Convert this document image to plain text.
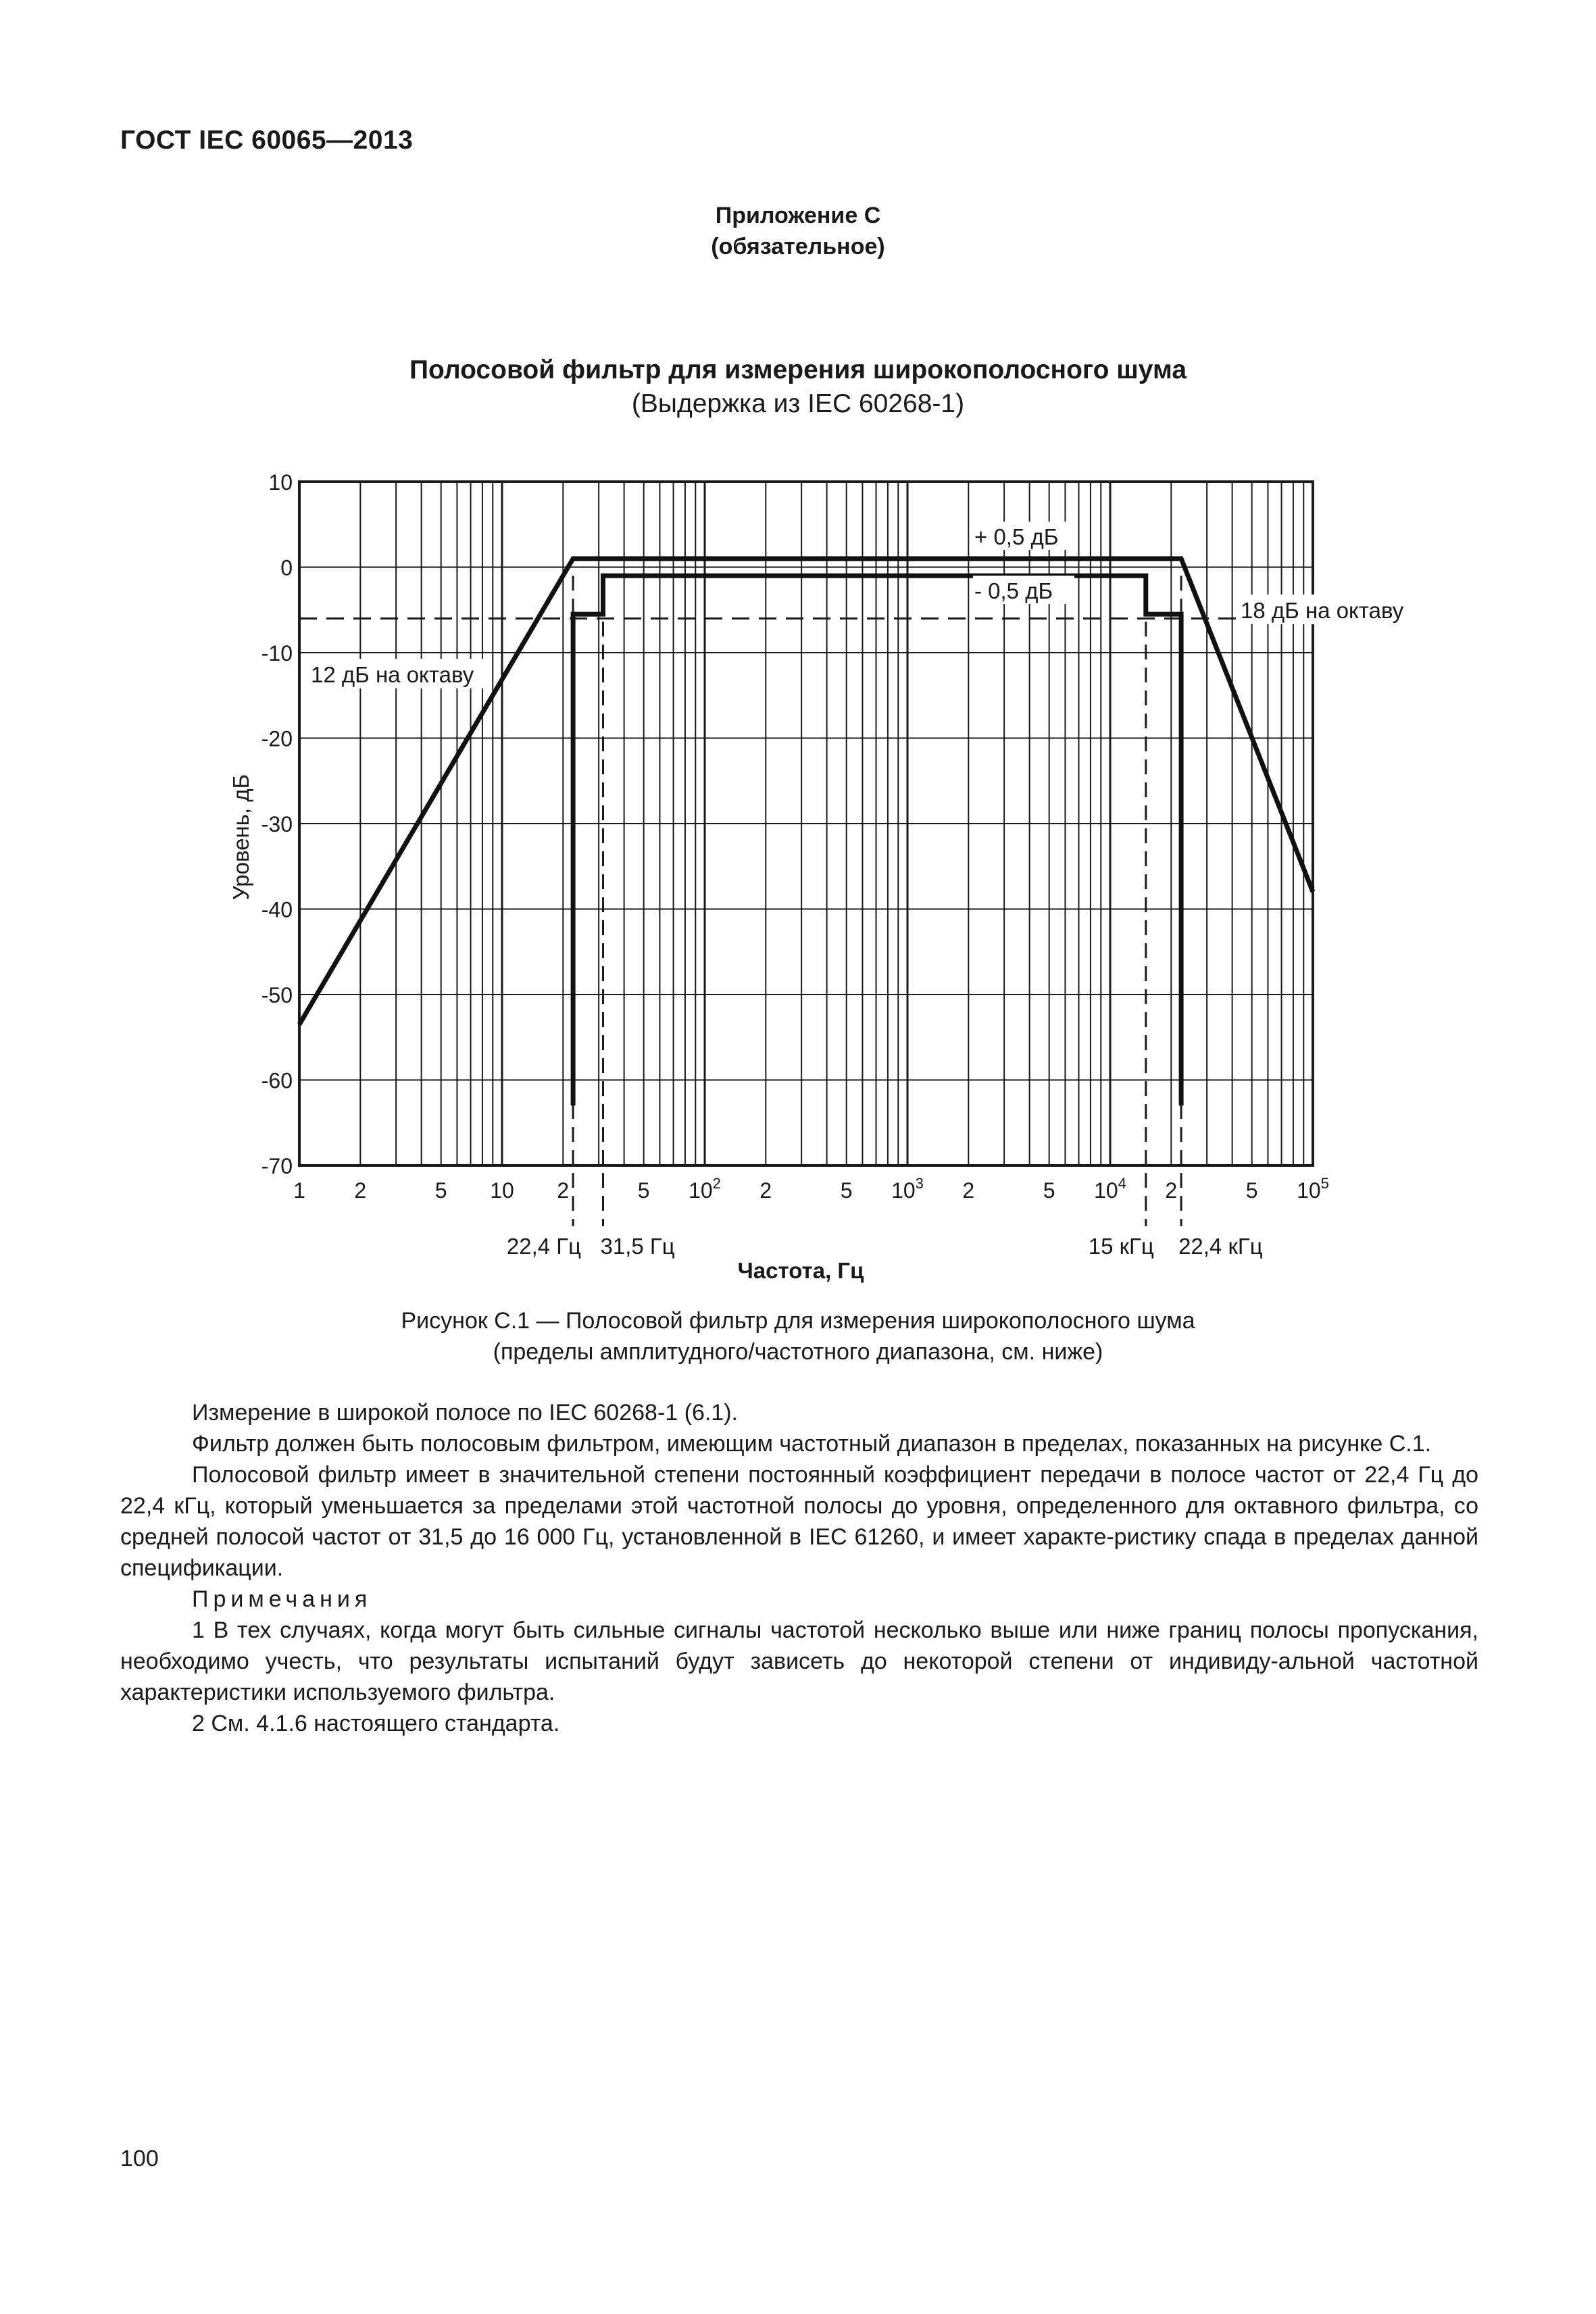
ГОСТ IEC 60065—2013
Приложение C
(обязательное)
Полосовой фильтр для измерения широкополосного шума
(Выдержка из IEC 60268-1)
10
0
-10
-20
-30
-40
-50
-60
-70
1 2	5 10 2	5 $10^2$ 2	5 $10^3$ 2	5 $10^4$ 2	5 $10^5$
Частота, Гц
Уровень, дБ
+ 0,5 дБ
- 0,5 дБ
12 дБ на октаву
18 дБ на октаву
22,4 Гц 31,5 Гц	15 кГц 22,4 кГц
Рисунок C.1 — Полосовой фильтр для измерения широкополосного шума
(пределы амплитудного/частотного диапазона, см. ниже)

Измерение в широкой полосе по IEC 60268-1 (6.1).

Фильтр должен быть полосовым фильтром, имеющим частотный диапазон в пределах, показанных на рисунке C.1.

Полосовой фильтр имеет в значительной степени постоянный коэффициент передачи в полосе частот от 22,4 Гц до 22,4 кГц, который уменьшается за пределами этой частотной полосы до уровня, определенного для октавного фильтра, со средней полосой частот от 31,5 до 16 000 Гц, установленной в IEC 61260, и имеет характе-ристику спада в пределах данной спецификации.

Примечания

1 В тех случаях, когда могут быть сильные сигналы частотой несколько выше или ниже границ полосы пропускания, необходимо учесть, что результаты испытаний будут зависеть до некоторой степени от индивиду-альной частотной характеристики используемого фильтра.

2 См. 4.1.6 настоящего стандарта.

100
